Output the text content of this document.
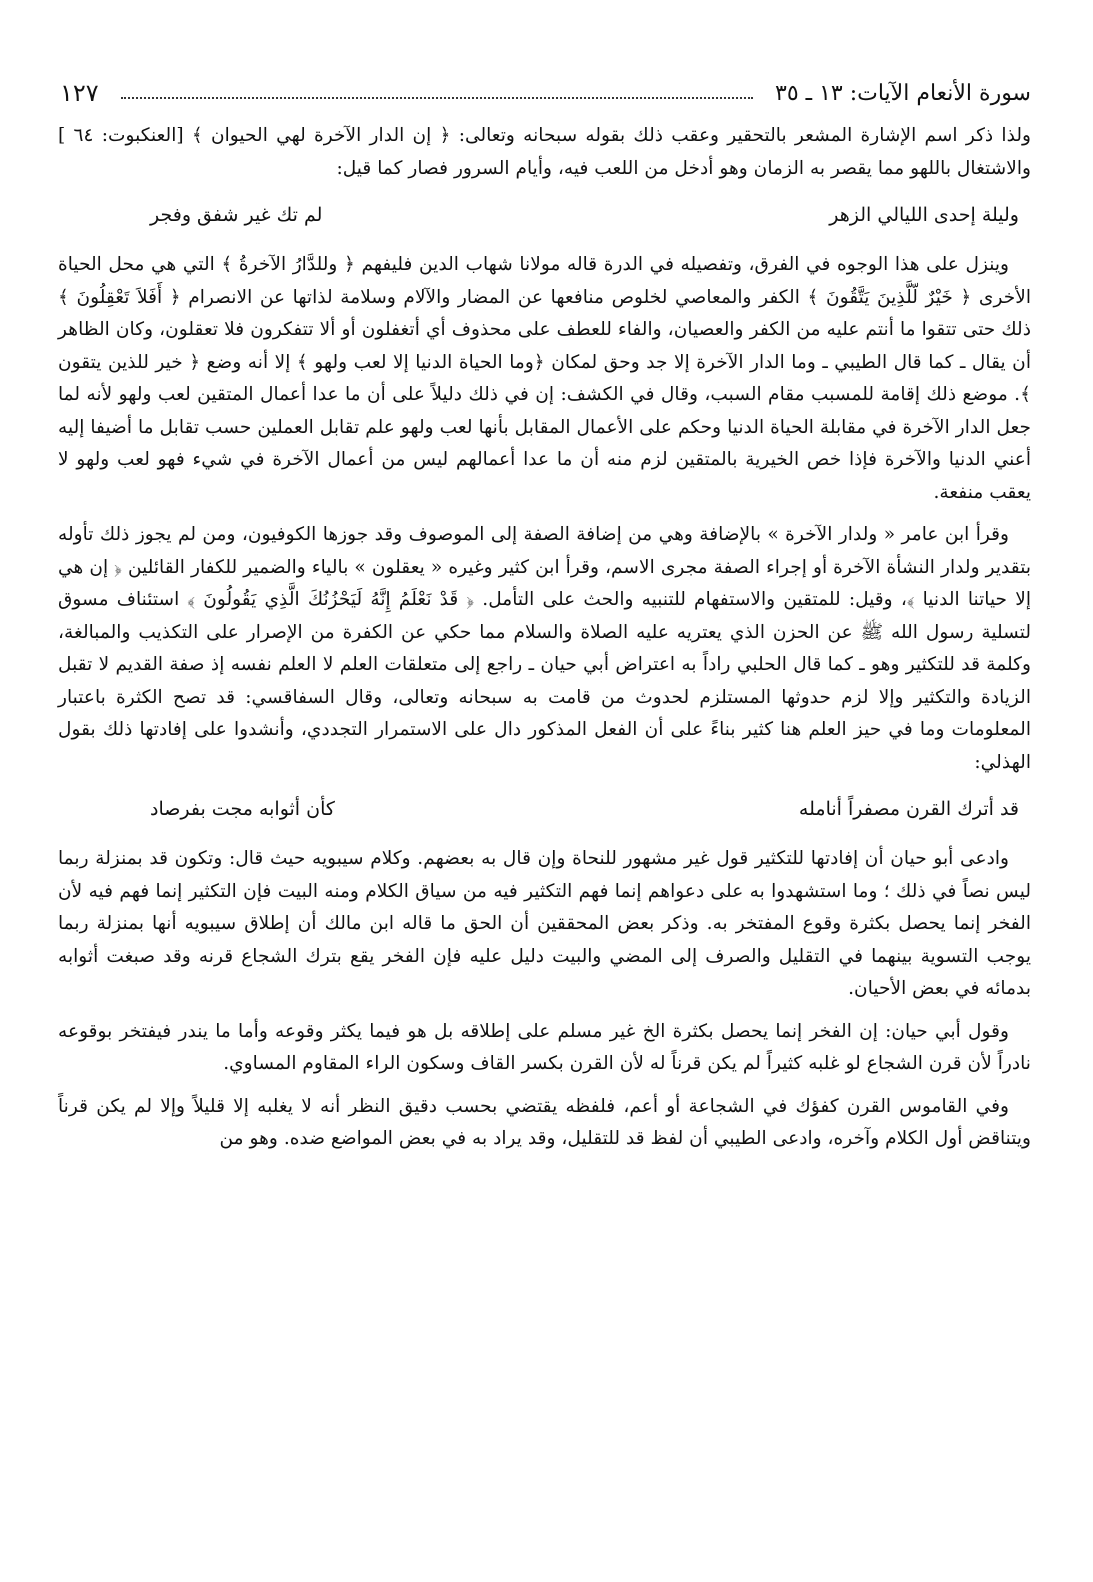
سورة الأنعام الآيات: ١٣ ـ ٣٥
١٢٧

ولذا ذكر اسم الإشارة المشعر بالتحقير وعقب ذلك بقوله سبحانه وتعالى: ﴿ إن الدار الآخرة لهي الحيوان ﴾ [العنكبوت: ٦٤ ] والاشتغال باللهو مما يقصر به الزمان وهو أدخل من اللعب فيه، وأيام السرور فصار كما قيل:

وليلة إحدى الليالي الزهر
لم تك غير شفق وفجر

وينزل على هذا الوجوه في الفرق، وتفصيله في الدرة قاله مولانا شهاب الدين فليفهم ﴿ وللدَّارُ الآخرةُ ﴾ التي هي محل الحياة الأخرى ﴿ خَيْرٌ لّلَّذِينَ يَتَّقُونَ ﴾ الكفر والمعاصي لخلوص منافعها عن المضار والآلام وسلامة لذاتها عن الانصرام ﴿ أَفَلاَ تَعْقِلُونَ ﴾ ذلك حتى تتقوا ما أنتم عليه من الكفر والعصيان، والفاء للعطف على محذوف أي أتغفلون أو ألا تتفكرون فلا تعقلون، وكان الظاهر أن يقال ـ كما قال الطيبي ـ وما الدار الآخرة إلا جد وحق لمكان ﴿وما الحياة الدنيا إلا لعب ولهو ﴾ إلا أنه وضع ﴿ خير للذين يتقون ﴾. موضع ذلك إقامة للمسبب مقام السبب، وقال في الكشف: إن في ذلك دليلاً على أن ما عدا أعمال المتقين لعب ولهو لأنه لما جعل الدار الآخرة في مقابلة الحياة الدنيا وحكم على الأعمال المقابل بأنها لعب ولهو علم تقابل العملين حسب تقابل ما أضيفا إليه أعني الدنيا والآخرة فإذا خص الخيرية بالمتقين لزم منه أن ما عدا أعمالهم ليس من أعمال الآخرة في شيء فهو لعب ولهو لا يعقب منفعة.

وقرأ ابن عامر « ولدار الآخرة » بالإضافة وهي من إضافة الصفة إلى الموصوف وقد جوزها الكوفيون، ومن لم يجوز ذلك تأوله بتقدير ولدار النشأة الآخرة أو إجراء الصفة مجرى الاسم، وقرأ ابن كثير وغيره « يعقلون » بالياء والضمير للكفار القائلين ﴿ إن هي إلا حياتنا الدنيا ﴾، وقيل: للمتقين والاستفهام للتنبيه والحث على التأمل. ﴿ قَدْ نَعْلَمُ إِنَّهُ لَيَحْزُنُكَ الَّذِي يَقُولُونَ ﴾ استئناف مسوق لتسلية رسول الله ﷺ عن الحزن الذي يعتريه عليه الصلاة والسلام مما حكي عن الكفرة من الإصرار على التكذيب والمبالغة، وكلمة قد للتكثير وهو ـ كما قال الحلبي راداً به اعتراض أبي حيان ـ راجع إلى متعلقات العلم لا العلم نفسه إذ صفة القديم لا تقبل الزيادة والتكثير وإلا لزم حدوثها المستلزم لحدوث من قامت به سبحانه وتعالى، وقال السفاقسي: قد تصح الكثرة باعتبار المعلومات وما في حيز العلم هنا كثير بناءً على أن الفعل المذكور دال على الاستمرار التجددي، وأنشدوا على إفادتها ذلك بقول الهذلي:

قد أترك القرن مصفراً أنامله
كأن أثوابه مجت بفرصاد

وادعى أبو حيان أن إفادتها للتكثير قول غير مشهور للنحاة وإن قال به بعضهم. وكلام سيبويه حيث قال: وتكون قد بمنزلة ربما ليس نصاً في ذلك ؛ وما استشهدوا به على دعواهم إنما فهم التكثير فيه من سياق الكلام ومنه البيت فإن التكثير إنما فهم فيه لأن الفخر إنما يحصل بكثرة وقوع المفتخر به. وذكر بعض المحققين أن الحق ما قاله ابن مالك أن إطلاق سيبويه أنها بمنزلة ربما يوجب التسوية بينهما في التقليل والصرف إلى المضي والبيت دليل عليه فإن الفخر يقع بترك الشجاع قرنه وقد صبغت أثوابه بدمائه في بعض الأحيان.

وقول أبي حيان: إن الفخر إنما يحصل بكثرة الخ غير مسلم على إطلاقه بل هو فيما يكثر وقوعه وأما ما يندر فيفتخر بوقوعه نادراً لأن قرن الشجاع لو غلبه كثيراً لم يكن قرناً له لأن القرن بكسر القاف وسكون الراء المقاوم المساوي.

وفي القاموس القرن كفؤك في الشجاعة أو أعم، فلفظه يقتضي بحسب دقيق النظر أنه لا يغلبه إلا قليلاً وإلا لم يكن قرناً ويتناقض أول الكلام وآخره، وادعى الطيبي أن لفظ قد للتقليل، وقد يراد به في بعض المواضع ضده. وهو من
